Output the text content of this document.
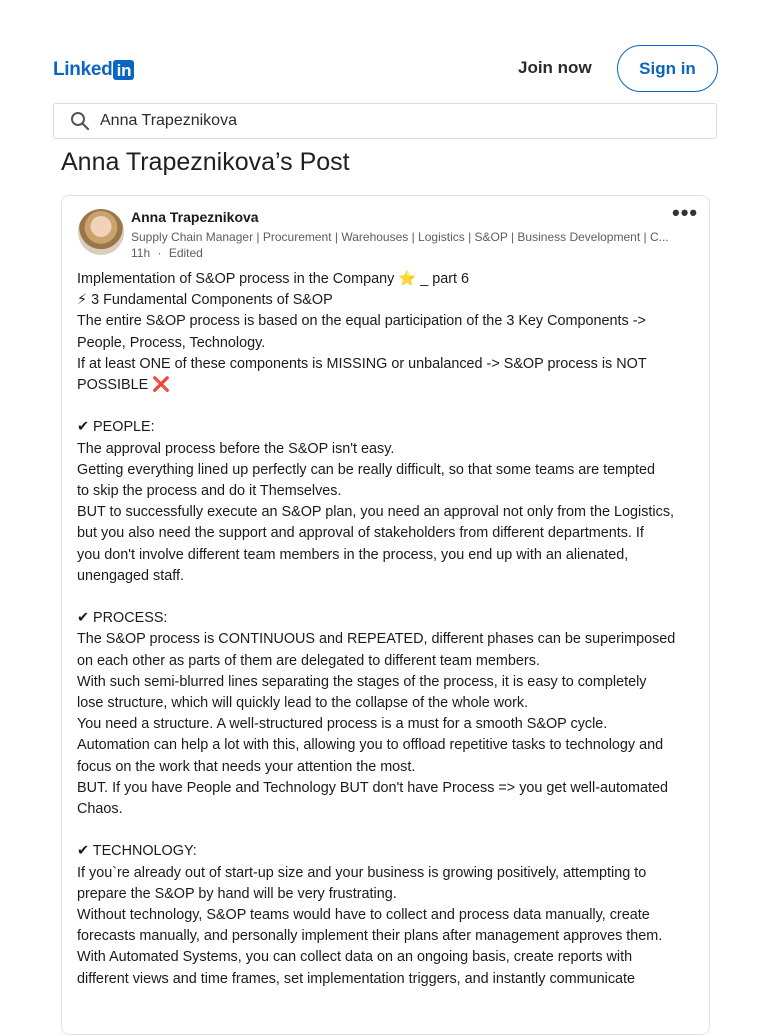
Linked in	Join now	Sign in
Anna Trapeznikova
Anna Trapeznikova’s Post
Anna Trapeznikova
Supply Chain Manager | Procurement | Warehouses | Logistics | S&OP | Business Development | C...
11h · Edited
•••
Implementation of S&OP process in the Company ⭐ _ part 6
⚡ 3 Fundamental Components of S&OP
The entire S&OP process is based on the equal participation of the 3 Key Components ->
People, Process, Technology.
If at least ONE of these components is MISSING or unbalanced -> S&OP process is NOT
POSSIBLE ❌
✔ PEOPLE:
The approval process before the S&OP isn't easy.
Getting everything lined up perfectly can be really difficult, so that some teams are tempted
to skip the process and do it Themselves.
BUT to successfully execute an S&OP plan, you need an approval not only from the Logistics,
but you also need the support and approval of stakeholders from different departments. If
you don't involve different team members in the process, you end up with an alienated,
unengaged staff.
✔ PROCESS:
The S&OP process is CONTINUOUS and REPEATED, different phases can be superimposed
on each other as parts of them are delegated to different team members.
With such semi-blurred lines separating the stages of the process, it is easy to completely
lose structure, which will quickly lead to the collapse of the whole work.
You need a structure. A well-structured process is a must for a smooth S&OP cycle.
Automation can help a lot with this, allowing you to offload repetitive tasks to technology and
focus on the work that needs your attention the most.
BUT. If you have People and Technology BUT don't have Process => you get well-automated
Chaos.
✔ TECHNOLOGY:
If you`re already out of start-up size and your business is growing positively, attempting to
prepare the S&OP by hand will be very frustrating.
Without technology, S&OP teams would have to collect and process data manually, create
forecasts manually, and personally implement their plans after management approves them.
With Automated Systems, you can collect data on an ongoing basis, create reports with
different views and time frames, set implementation triggers, and instantly communicate
